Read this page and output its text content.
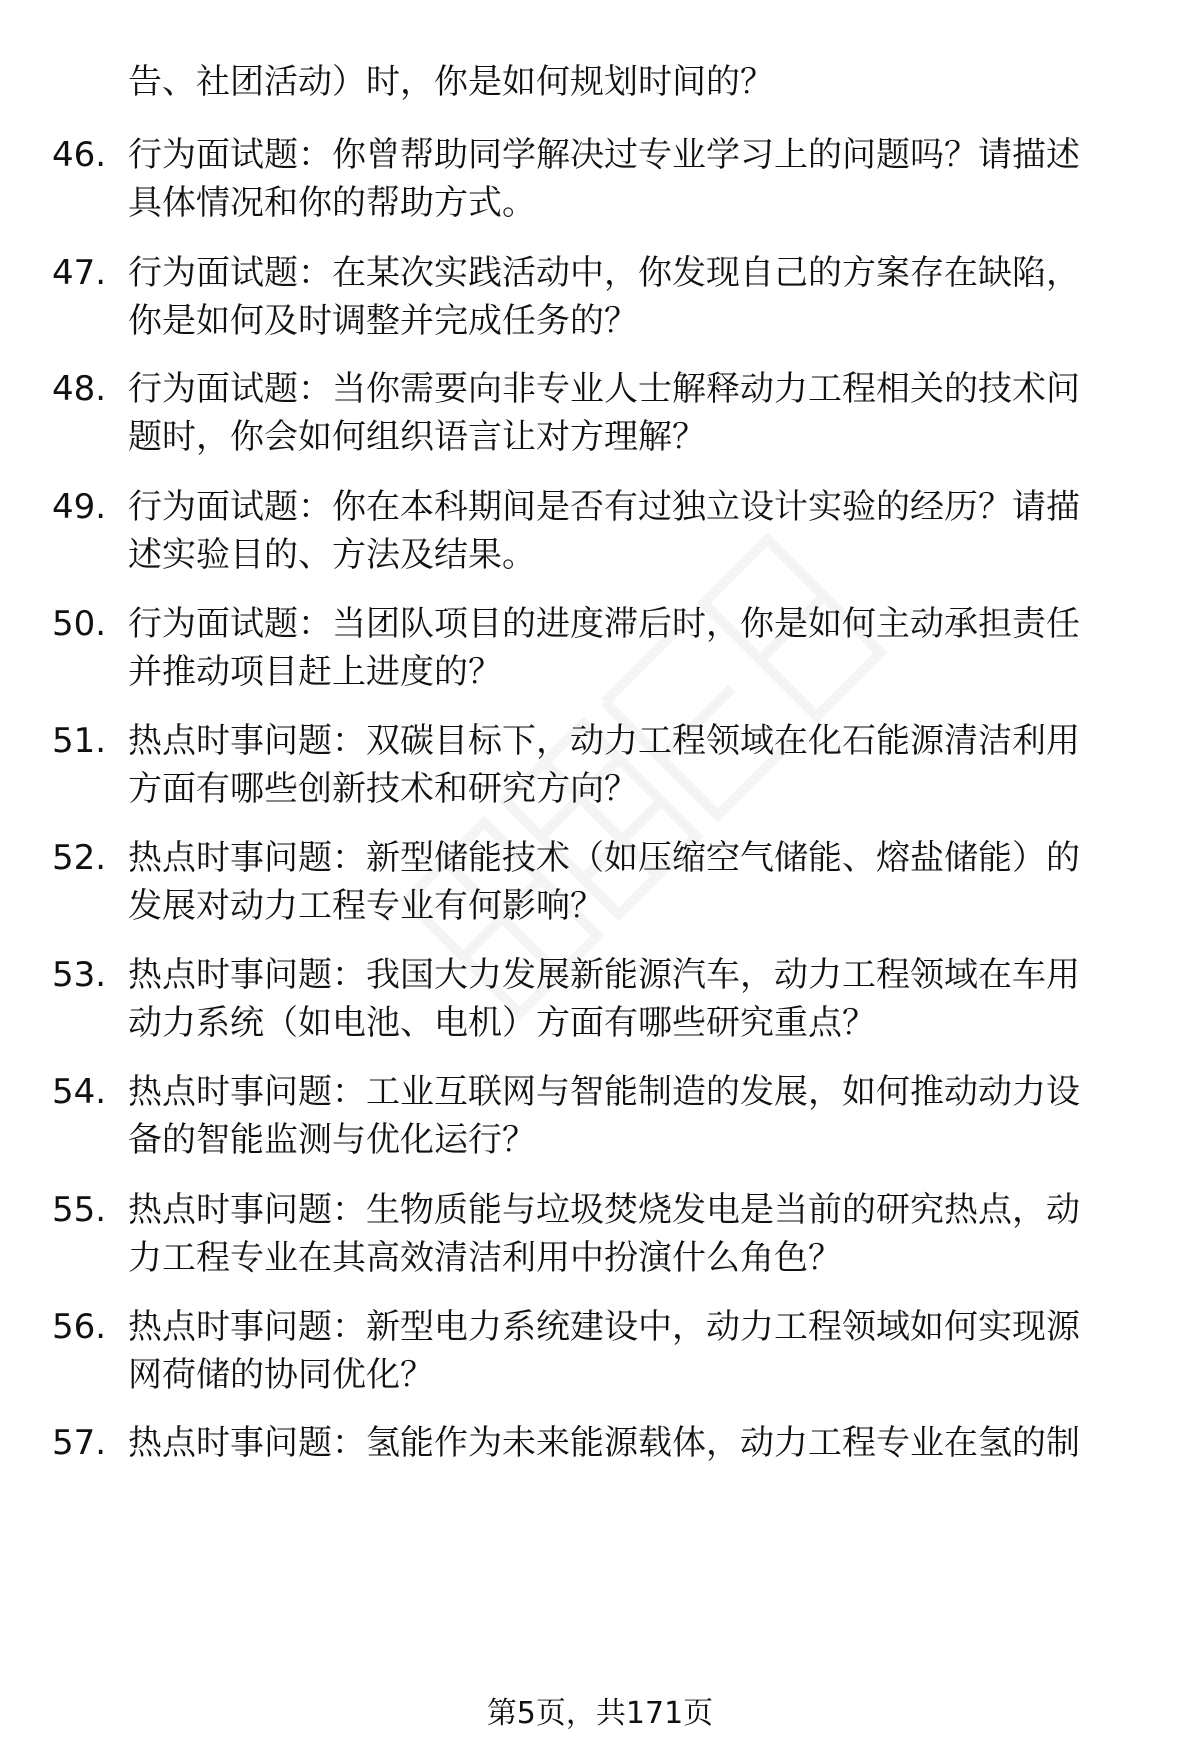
告、社团活动）时，你是如何规划时间的？
46. 行为面试题：你曾帮助同学解决过专业学习上的问题吗？请描述
具体情况和你的帮助方式。
47. 行为面试题：在某次实践活动中，你发现自己的方案存在缺陷，
你是如何及时调整并完成任务的？
48. 行为面试题：当你需要向非专业人士解释动力工程相关的技术问
题时，你会如何组织语言让对方理解？
49. 行为面试题：你在本科期间是否有过独立设计实验的经历？请描
述实验目的、方法及结果。
50. 行为面试题：当团队项目的进度滞后时，你是如何主动承担责任
并推动项目赶上进度的？
51. 热点时事问题：双碳目标下，动力工程领域在化石能源清洁利用
方面有哪些创新技术和研究方向？
52. 热点时事问题：新型储能技术（如压缩空气储能、熔盐储能）的
发展对动力工程专业有何影响？
53. 热点时事问题：我国大力发展新能源汽车，动力工程领域在车用
动力系统（如电池、电机）方面有哪些研究重点？
54. 热点时事问题：工业互联网与智能制造的发展，如何推动动力设
备的智能监测与优化运行？
55. 热点时事问题：生物质能与垃圾焚烧发电是当前的研究热点，动
力工程专业在其高效清洁利用中扮演什么角色？
56. 热点时事问题：新型电力系统建设中，动力工程领域如何实现源
网荷储的协同优化？
57. 热点时事问题：氢能作为未来能源载体，动力工程专业在氢的制
第5页，共171页
